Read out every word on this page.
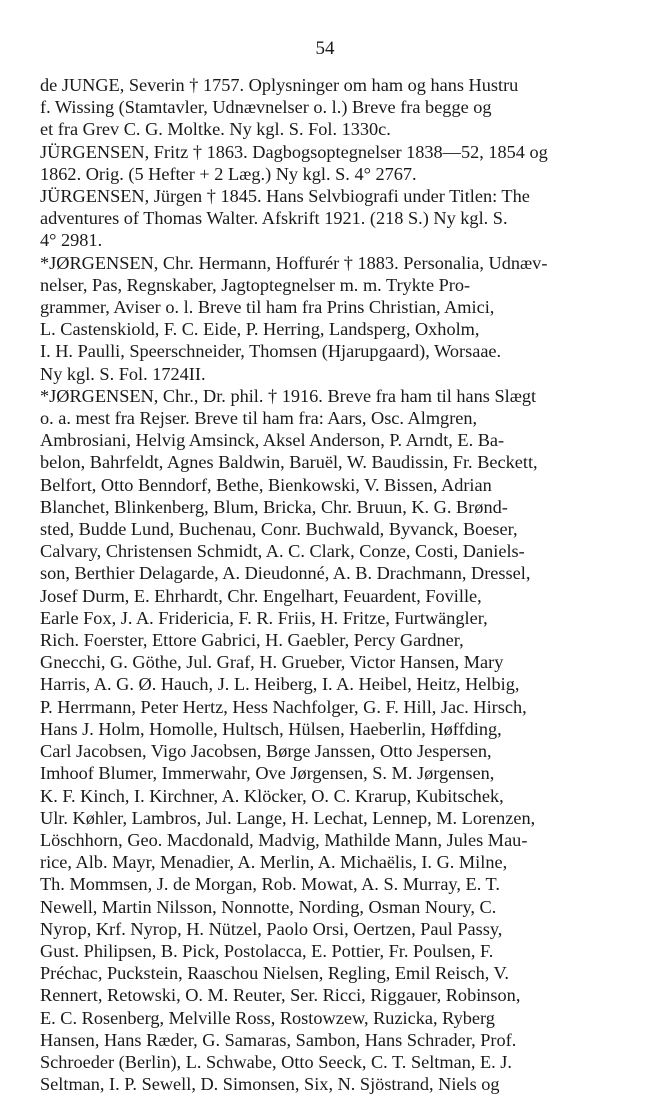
54

de JUNGE, Severin † 1757. Oplysninger om ham og hans Hustru
f. Wissing (Stamtavler, Udnævnelser o. l.) Breve fra begge og
et fra Grev C. G. Moltke. Ny kgl. S. Fol. 1330c.

JÜRGENSEN, Fritz † 1863. Dagbogsoptegnelser 1838—52, 1854 og
1862. Orig. (5 Hefter + 2 Læg.) Ny kgl. S. 4° 2767.

JÜRGENSEN, Jürgen † 1845. Hans Selvbiografi under Titlen: The
adventures of Thomas Walter. Afskrift 1921. (218 S.) Ny kgl. S.
4° 2981.

*JØRGENSEN, Chr. Hermann, Hoffurér † 1883. Personalia, Udnæv-
nelser, Pas, Regnskaber, Jagtoptegnelser m. m. Trykte Pro-
grammer, Aviser o. l. Breve til ham fra Prins Christian, Amici,
L. Castenskiold, F. C. Eide, P. Herring, Landsperg, Oxholm,
I. H. Paulli, Speerschneider, Thomsen (Hjarupgaard), Worsaae.
Ny kgl. S. Fol. 1724II.

*JØRGENSEN, Chr., Dr. phil. † 1916. Breve fra ham til hans Slægt
o. a. mest fra Rejser. Breve til ham fra: Aars, Osc. Almgren,
Ambrosiani, Helvig Amsinck, Aksel Anderson, P. Arndt, E. Ba-
belon, Bahrfeldt, Agnes Baldwin, Baruël, W. Baudissin, Fr. Beckett,
Belfort, Otto Benndorf, Bethe, Bienkowski, V. Bissen, Adrian
Blanchet, Blinkenberg, Blum, Bricka, Chr. Bruun, K. G. Brønd-
sted, Budde Lund, Buchenau, Conr. Buchwald, Byvanck, Boeser,
Calvary, Christensen Schmidt, A. C. Clark, Conze, Costi, Daniels-
son, Berthier Delagarde, A. Dieudonné, A. B. Drachmann, Dressel,
Josef Durm, E. Ehrhardt, Chr. Engelhart, Feuardent, Foville,
Earle Fox, J. A. Fridericia, F. R. Friis, H. Fritze, Furtwängler,
Rich. Foerster, Ettore Gabrici, H. Gaebler, Percy Gardner,
Gnecchi, G. Göthe, Jul. Graf, H. Grueber, Victor Hansen, Mary
Harris, A. G. Ø. Hauch, J. L. Heiberg, I. A. Heibel, Heitz, Helbig,
P. Herrmann, Peter Hertz, Hess Nachfolger, G. F. Hill, Jac. Hirsch,
Hans J. Holm, Homolle, Hultsch, Hülsen, Haeberlin, Høffding,
Carl Jacobsen, Vigo Jacobsen, Børge Janssen, Otto Jespersen,
Imhoof Blumer, Immerwahr, Ove Jørgensen, S. M. Jørgensen,
K. F. Kinch, I. Kirchner, A. Klöcker, O. C. Krarup, Kubitschek,
Ulr. Køhler, Lambros, Jul. Lange, H. Lechat, Lennep, M. Lorenzen,
Löschhorn, Geo. Macdonald, Madvig, Mathilde Mann, Jules Mau-
rice, Alb. Mayr, Menadier, A. Merlin, A. Michaëlis, I. G. Milne,
Th. Mommsen, J. de Morgan, Rob. Mowat, A. S. Murray, E. T.
Newell, Martin Nilsson, Nonnotte, Nording, Osman Noury, C.
Nyrop, Krf. Nyrop, H. Nützel, Paolo Orsi, Oertzen, Paul Passy,
Gust. Philipsen, B. Pick, Postolacca, E. Pottier, Fr. Poulsen, F.
Préchac, Puckstein, Raaschou Nielsen, Regling, Emil Reisch, V.
Rennert, Retowski, O. M. Reuter, Ser. Ricci, Riggauer, Robinson,
E. C. Rosenberg, Melville Ross, Rostowzew, Ruzicka, Ryberg
Hansen, Hans Ræder, G. Samaras, Sambon, Hans Schrader, Prof.
Schroeder (Berlin), L. Schwabe, Otto Seeck, C. T. Seltman, E. J.
Seltman, I. P. Sewell, D. Simonsen, Six, N. Sjöstrand, Niels og
